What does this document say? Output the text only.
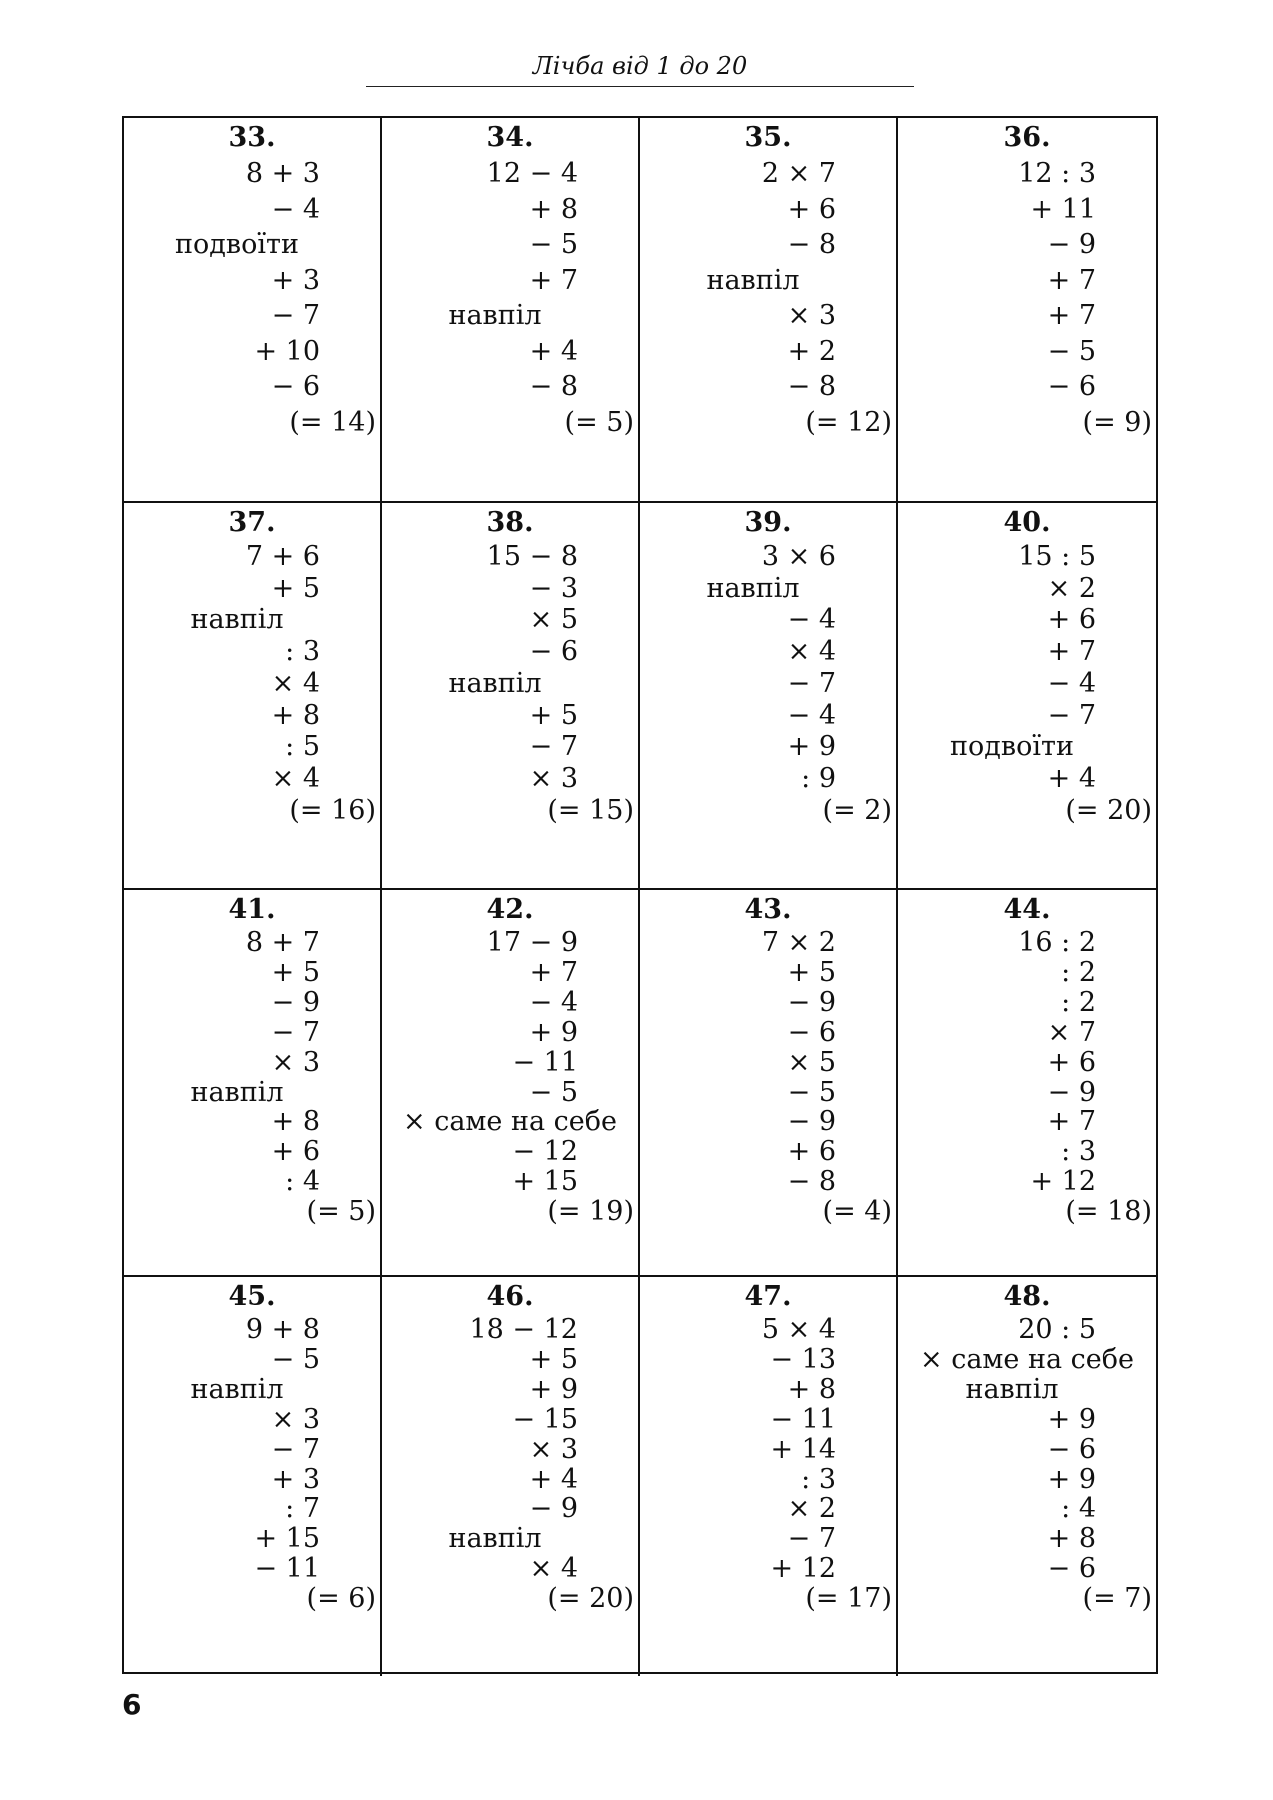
Лічба від 1 до 20
33.
8 + 3
− 4
подвоїти
+ 3
− 7
+ 10
− 6
(= 14)
34.
12 − 4
+ 8
− 5
+ 7
навпіл
+ 4
− 8
(= 5)
35.
2 × 7
+ 6
− 8
навпіл
× 3
+ 2
− 8
(= 12)
36.
12 : 3
+ 11
− 9
+ 7
+ 7
− 5
− 6
(= 9)
37.
7 + 6
+ 5
навпіл
: 3
× 4
+ 8
: 5
× 4
(= 16)
38.
15 − 8
− 3
× 5
− 6
навпіл
+ 5
− 7
× 3
(= 15)
39.
3 × 6
навпіл
− 4
× 4
− 7
− 4
+ 9
: 9
(= 2)
40.
15 : 5
× 2
+ 6
+ 7
− 4
− 7
подвоїти
+ 4
(= 20)
41.
8 + 7
+ 5
− 9
− 7
× 3
навпіл
+ 8
+ 6
: 4
(= 5)
42.
17 − 9
+ 7
− 4
+ 9
− 11
− 5
× саме на себе
− 12
+ 15
(= 19)
43.
7 × 2
+ 5
− 9
− 6
× 5
− 5
− 9
+ 6
− 8
(= 4)
44.
16 : 2
: 2
: 2
× 7
+ 6
− 9
+ 7
: 3
+ 12
(= 18)
45.
9 + 8
− 5
навпіл
× 3
− 7
+ 3
: 7
+ 15
− 11
(= 6)
46.
18 − 12
+ 5
+ 9
− 15
× 3
+ 4
− 9
навпіл
× 4
(= 20)
47.
5 × 4
− 13
+ 8
− 11
+ 14
: 3
× 2
− 7
+ 12
(= 17)
48.
20 : 5
× саме на себе
навпіл
+ 9
− 6
+ 9
: 4
+ 8
− 6
(= 7)
6
